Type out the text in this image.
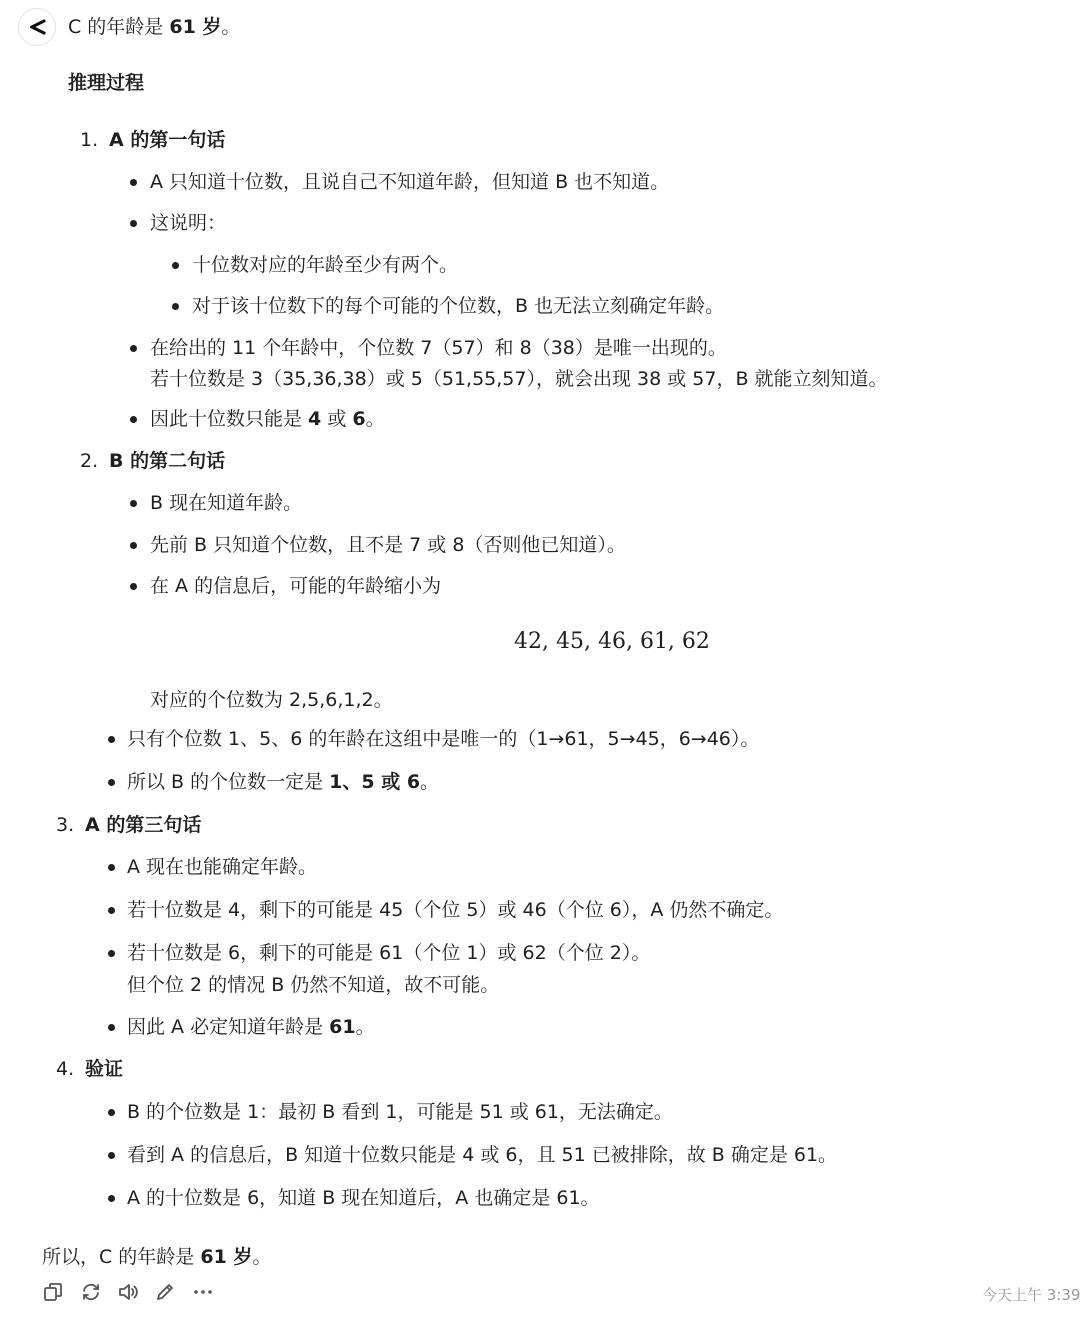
C 的年龄是 61 岁。
推理过程
1. A 的第一句话
A 只知道十位数，且说自己不知道年龄，但知道 B 也不知道。
这说明：
十位数对应的年龄至少有两个。
对于该十位数下的每个可能的个位数，B 也无法立刻确定年龄。
在给出的 11 个年龄中，个位数 7（57）和 8（38）是唯一出现的。
若十位数是 3（35,36,38）或 5（51,55,57），就会出现 38 或 57，B 就能立刻知道。
因此十位数只能是 4 或 6。
2. B 的第二句话
B 现在知道年龄。
先前 B 只知道个位数，且不是 7 或 8（否则他已知道）。
在 A 的信息后，可能的年龄缩小为
42, 45, 46, 61, 62
对应的个位数为 2,5,6,1,2。
只有个位数 1、5、6 的年龄在这组中是唯一的（1→61，5→45，6→46）。
所以 B 的个位数一定是 1、5 或 6。
3. A 的第三句话
A 现在也能确定年龄。
若十位数是 4，剩下的可能是 45（个位 5）或 46（个位 6），A 仍然不确定。
若十位数是 6，剩下的可能是 61（个位 1）或 62（个位 2）。
但个位 2 的情况 B 仍然不知道，故不可能。
因此 A 必定知道年龄是 61。
4. 验证
B 的个位数是 1：最初 B 看到 1，可能是 51 或 61，无法确定。
看到 A 的信息后，B 知道十位数只能是 4 或 6，且 51 已被排除，故 B 确定是 61。
A 的十位数是 6，知道 B 现在知道后，A 也确定是 61。
所以，C 的年龄是 61 岁。
今天上午 3:39
